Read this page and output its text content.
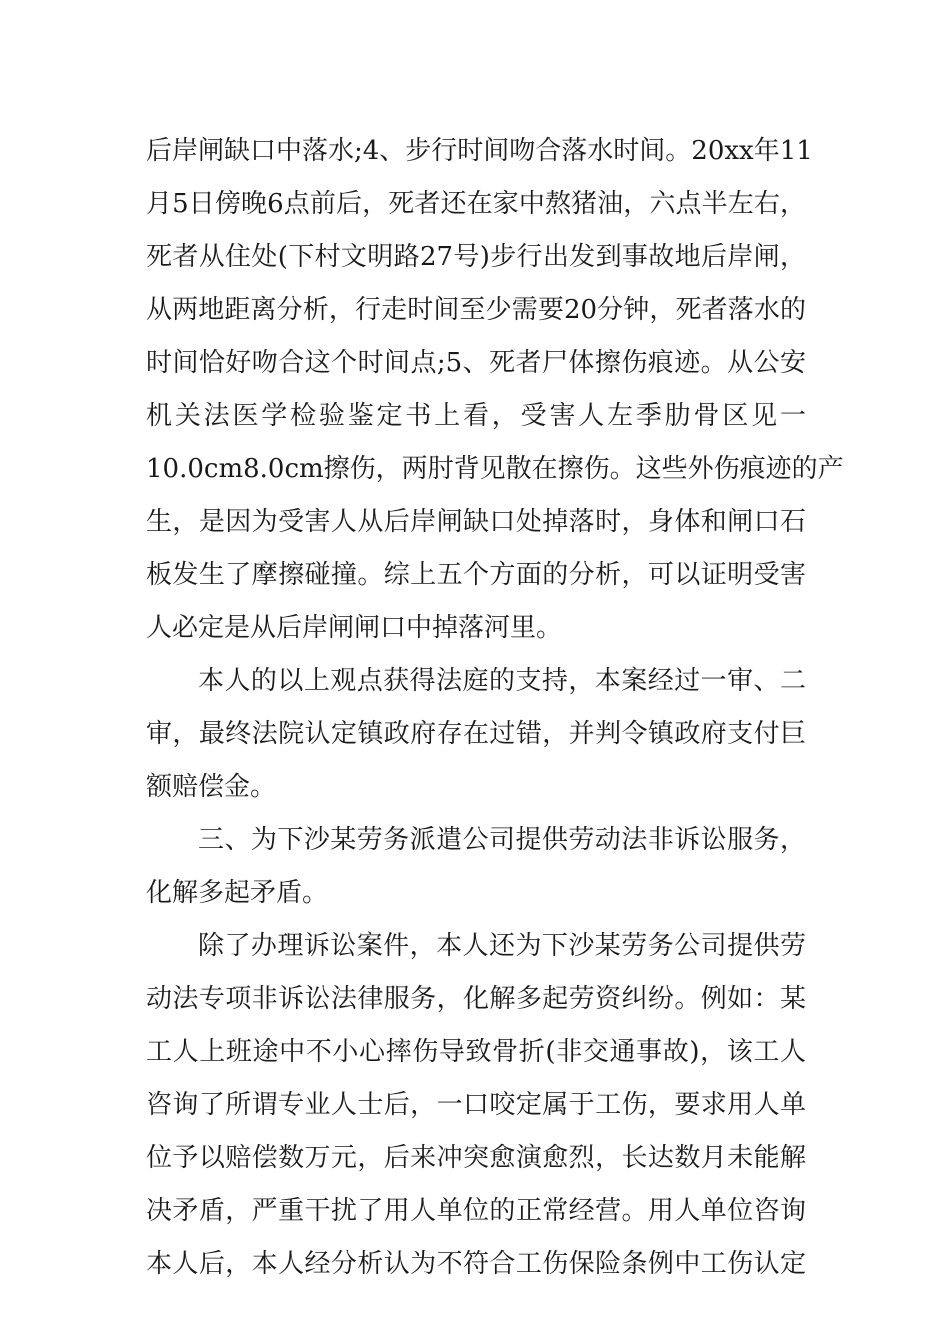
后岸闸缺口中落水;4、步行时间吻合落水时间。20xx年11
月5日傍晚6点前后，死者还在家中熬猪油，六点半左右，
死者从住处(下村文明路27号)步行出发到事故地后岸闸，
从两地距离分析，行走时间至少需要20分钟，死者落水的
时间恰好吻合这个时间点;5、死者尸体擦伤痕迹。从公安
机关法医学检验鉴定书上看，受害人左季肋骨区见一
10.0cm8.0cm擦伤，两肘背见散在擦伤。这些外伤痕迹的产
生，是因为受害人从后岸闸缺口处掉落时，身体和闸口石
板发生了摩擦碰撞。综上五个方面的分析，可以证明受害
人必定是从后岸闸闸口中掉落河里。
本人的以上观点获得法庭的支持，本案经过一审、二
审，最终法院认定镇政府存在过错，并判令镇政府支付巨
额赔偿金。
三、为下沙某劳务派遣公司提供劳动法非诉讼服务，
化解多起矛盾。
除了办理诉讼案件，本人还为下沙某劳务公司提供劳
动法专项非诉讼法律服务，化解多起劳资纠纷。例如：某
工人上班途中不小心摔伤导致骨折(非交通事故)，该工人
咨询了所谓专业人士后，一口咬定属于工伤，要求用人单
位予以赔偿数万元，后来冲突愈演愈烈，长达数月未能解
决矛盾，严重干扰了用人单位的正常经营。用人单位咨询
本人后，本人经分析认为不符合工伤保险条例中工伤认定
